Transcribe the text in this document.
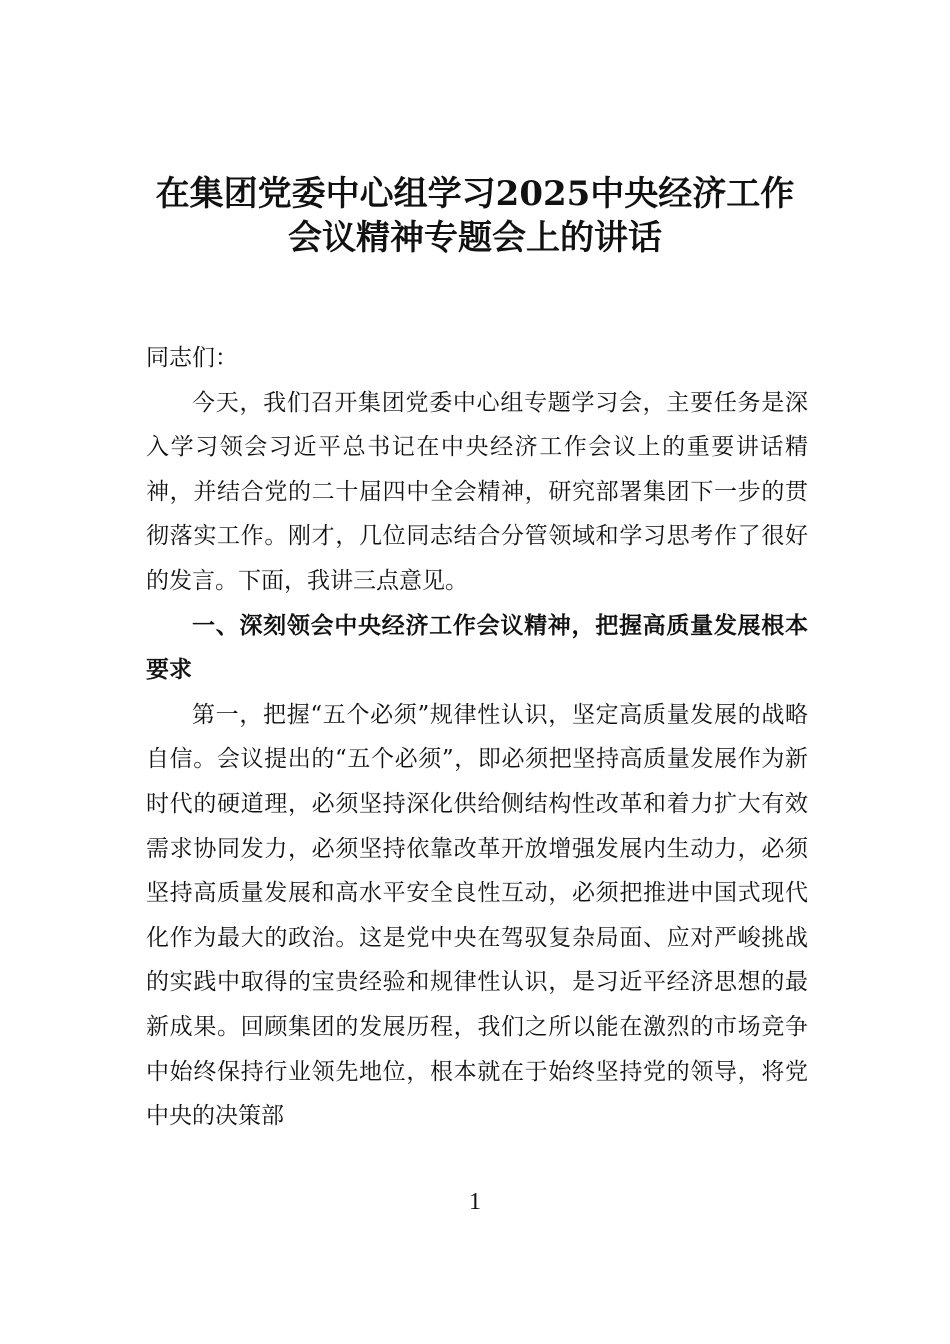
在集团党委中心组学习2025中央经济工作
会议精神专题会上的讲话

同志们：

今天，我们召开集团党委中心组专题学习会，主要任务是深入学习领会习近平总书记在中央经济工作会议上的重要讲话精神，并结合党的二十届四中全会精神，研究部署集团下一步的贯彻落实工作。刚才，几位同志结合分管领域和学习思考作了很好的发言。下面，我讲三点意见。

一、深刻领会中央经济工作会议精神，把握高质量发展根本要求

第一，把握“五个必须”规律性认识，坚定高质量发展的战略自信。会议提出的“五个必须”，即必须把坚持高质量发展作为新时代的硬道理，必须坚持深化供给侧结构性改革和着力扩大有效需求协同发力，必须坚持依靠改革开放增强发展内生动力，必须坚持高质量发展和高水平安全良性互动，必须把推进中国式现代化作为最大的政治。这是党中央在驾驭复杂局面、应对严峻挑战的实践中取得的宝贵经验和规律性认识，是习近平经济思想的最新成果。回顾集团的发展历程，我们之所以能在激烈的市场竞争中始终保持行业领先地位，根本就在于始终坚持党的领导，将党中央的决策部

1
